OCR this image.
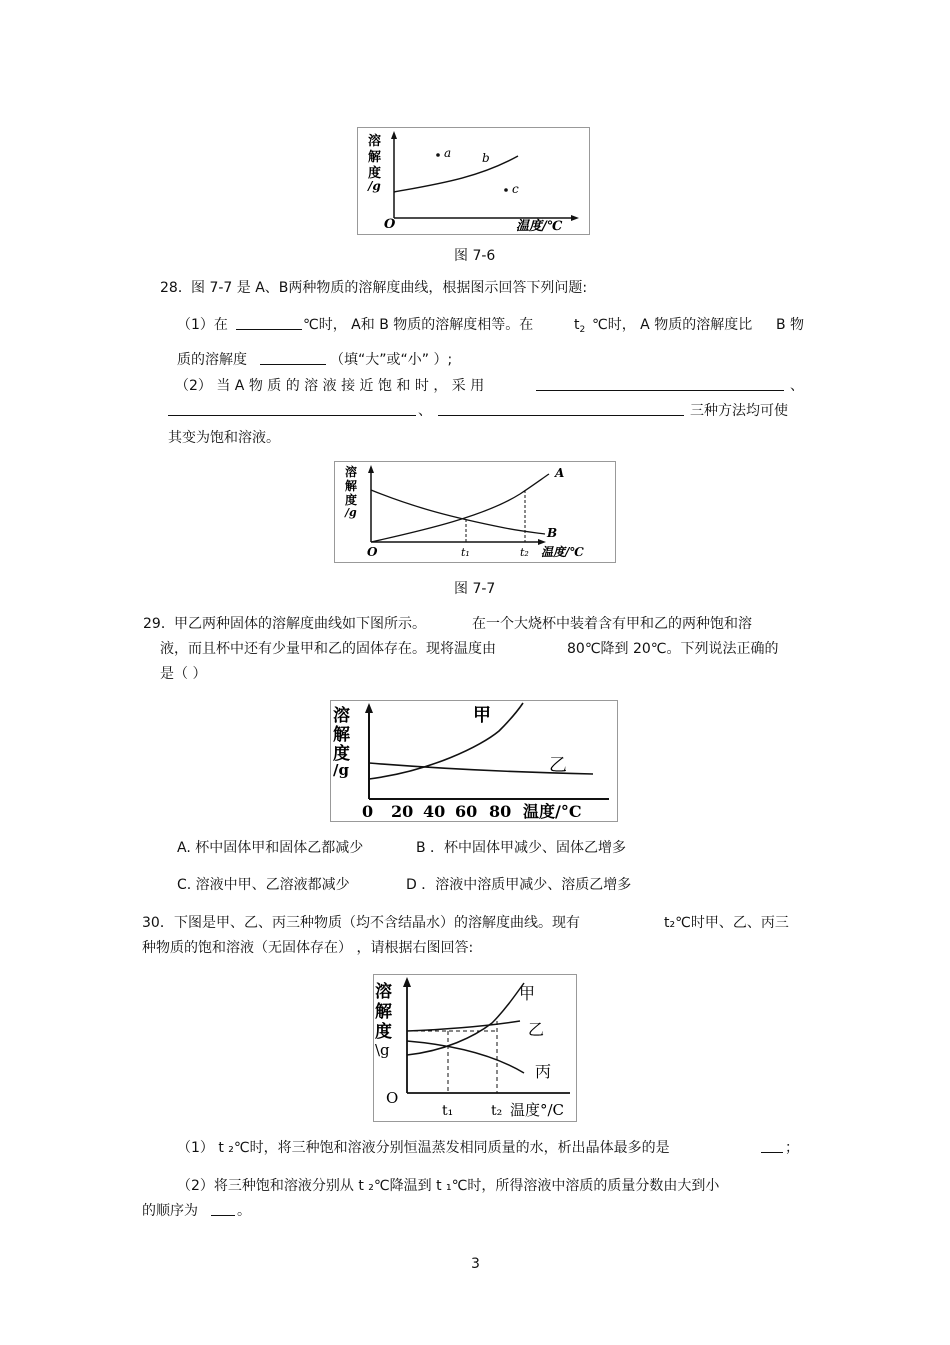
溶
解
度
/g
O	温度/℃
a	b
c
图 7-6
28． 图 7-7 是 A、B两种物质的溶解度曲线，根据图示回答下列问题:
（1）在	℃时， A和 B 物质的溶解度相等。在	$t_2$ ℃时， A 物质的溶解度比 B 物
质的溶解度	（填“大”或“小” ）;
（2） 当 A 物 质 的 溶 液 接 近 饱 和 时 ， 采 用	、
、	三种方法均可使
其变为饱和溶液。
溶
解
度
/g
O
A
B
t₁	t₂ 温度/℃
图 7-7
29． 甲乙两种固体的溶解度曲线如下图所示。	在一个大烧杯中装着含有甲和乙的两种饱和溶
液，而且杯中还有少量甲和乙的固体存在。现将温度由	80℃降到 20℃。下列说法正确的
是（ ）
溶
解
度
/g
甲
乙
0 20 40 60 80 温度/°C
A. 杯中固体甲和固体乙都减少	B ．杯中固体甲减少、固体乙增多
C. 溶液中甲、乙溶液都减少	D ．溶液中溶质甲减少、溶质乙增多
30． 下图是甲、乙、丙三种物质（均不含结晶水）的溶解度曲线。现有	t₂℃时甲、乙、丙三
种物质的饱和溶液（无固体存在） ，请根据右图回答:
溶
解
度
\g
O
甲
乙
丙
t₁	t₂ 温度°/C
（1） t ₂℃时，将三种饱和溶液分别恒温蒸发相同质量的水，析出晶体最多的是	；
（2）将三种饱和溶液分别从 t ₂℃降温到 t ₁℃时，所得溶液中溶质的质量分数由大到小
的顺序为	。
3
